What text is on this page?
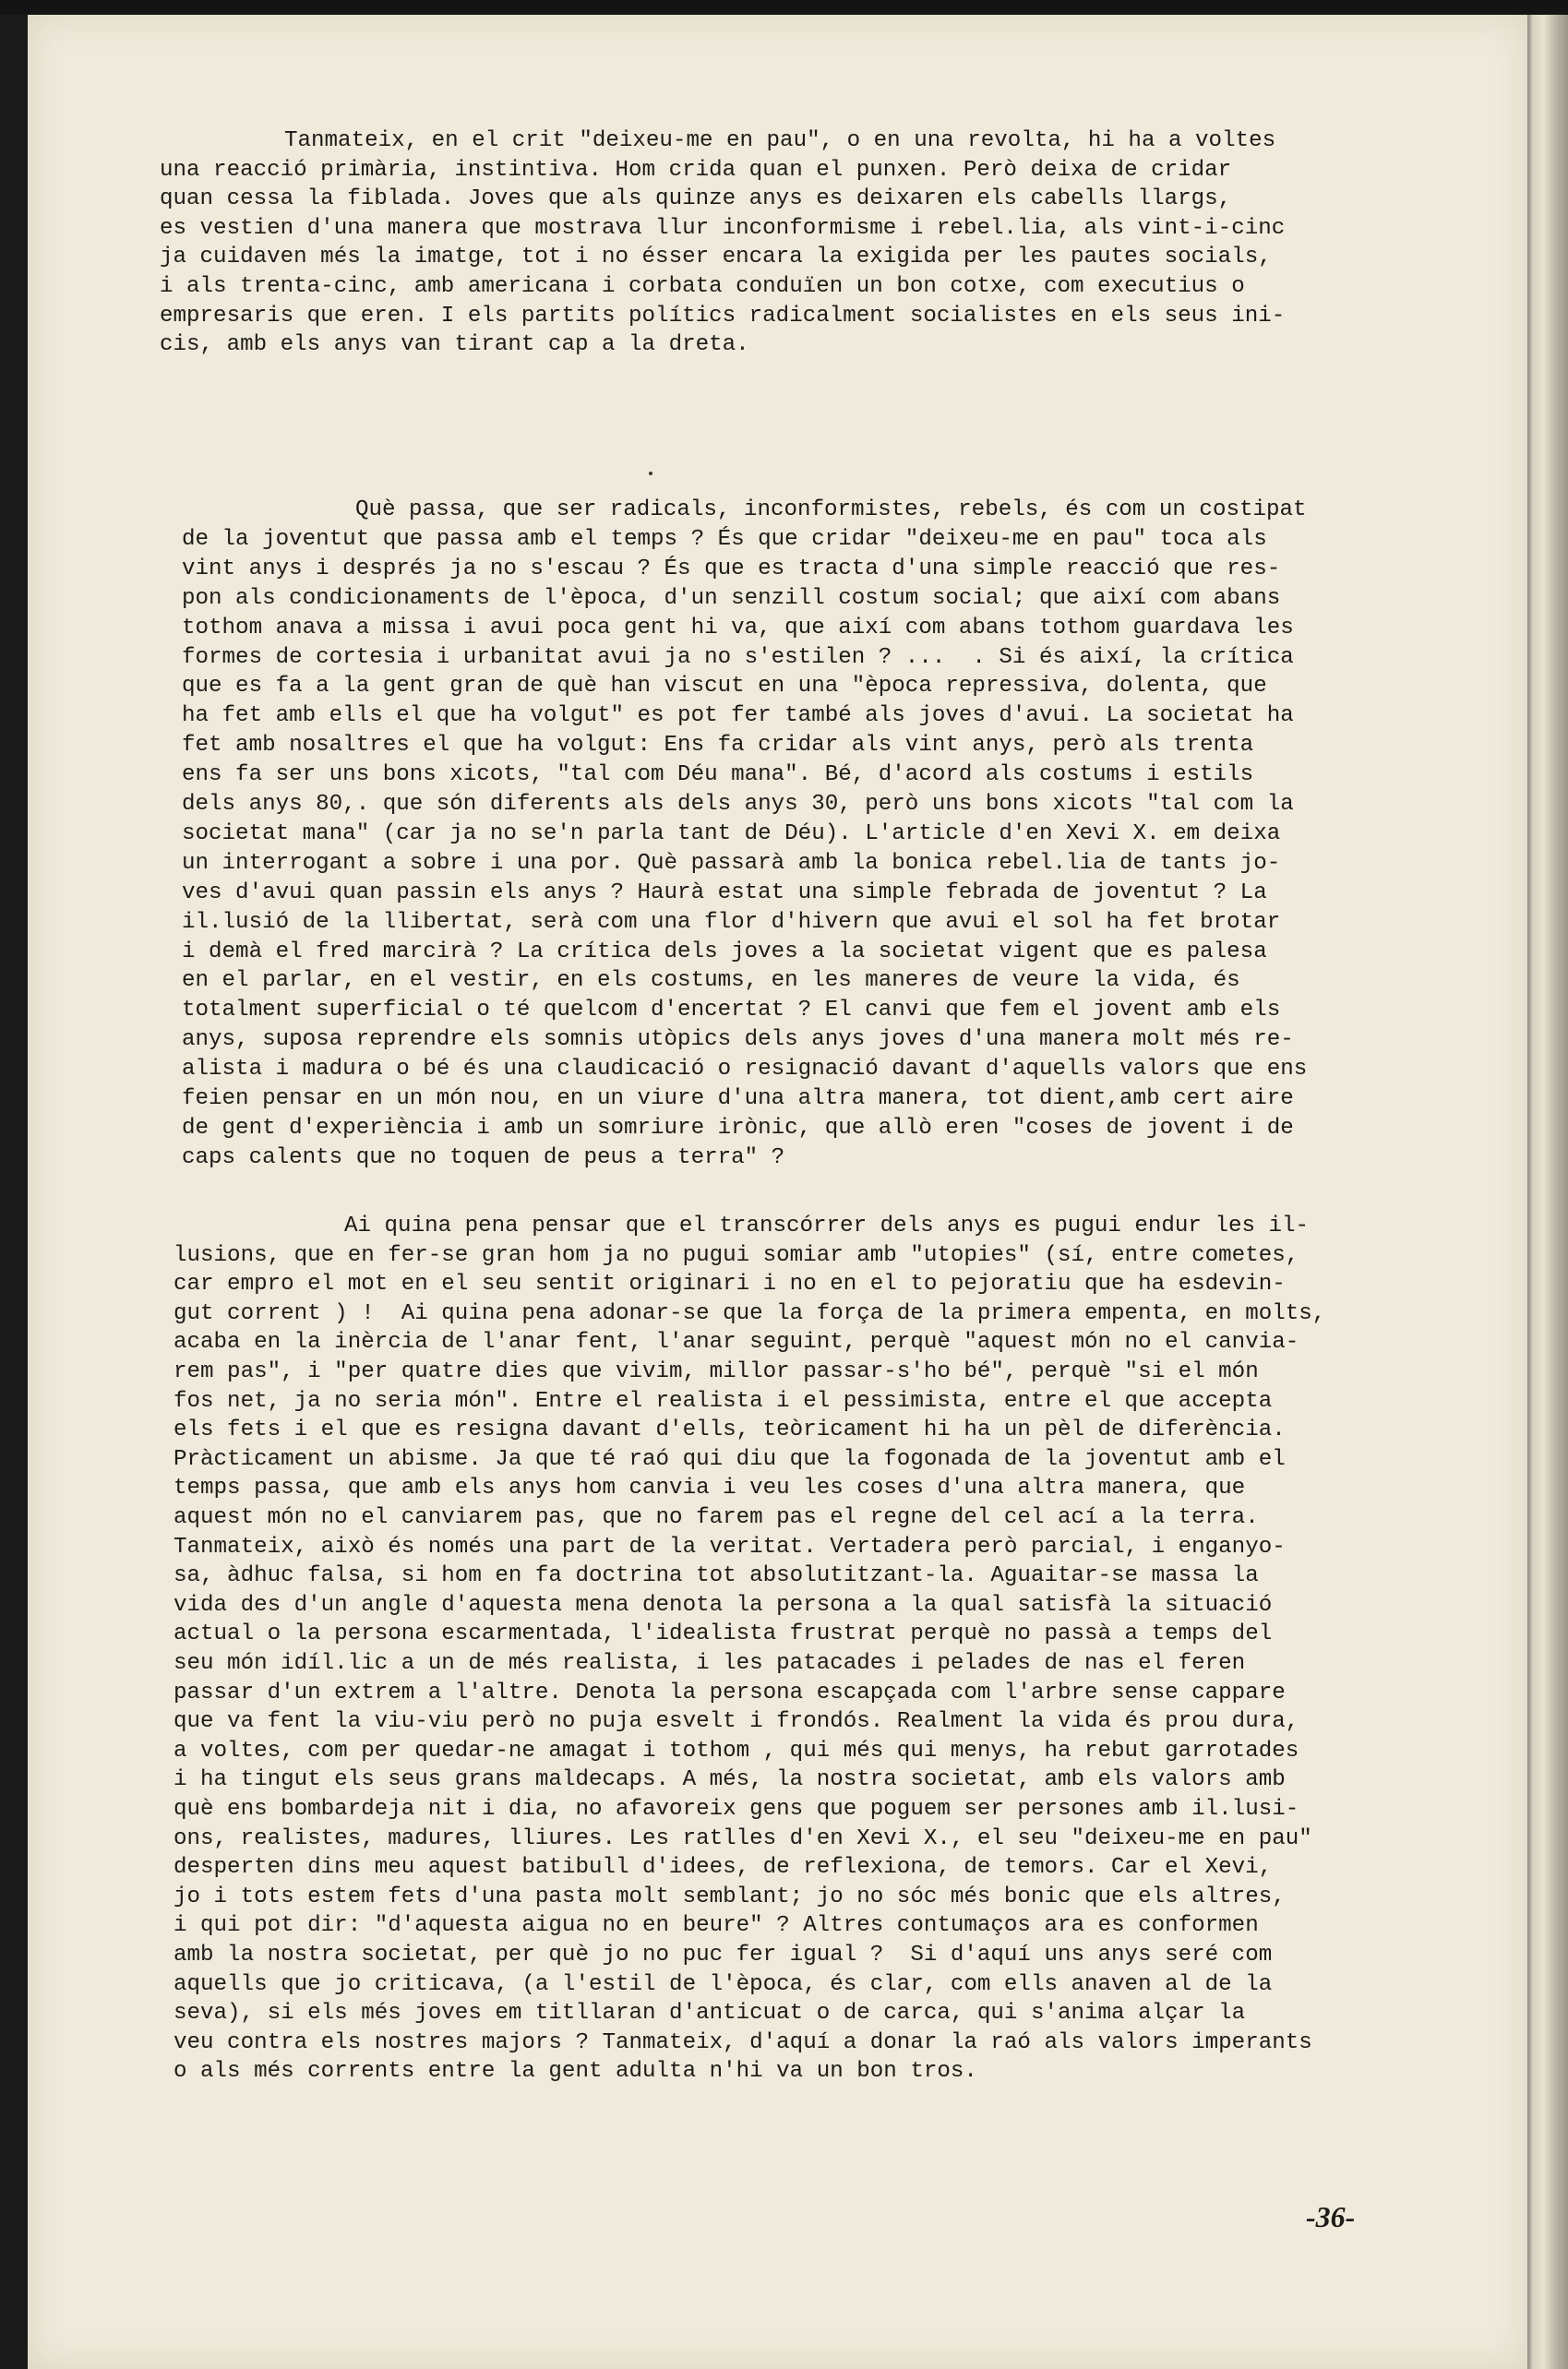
Tanmateix, en el crit "deixeu-me en pau", o en una revolta, hi ha a voltes
una reacció primària, instintiva. Hom crida quan el punxen. Però deixa de cridar
quan cessa la fiblada. Joves que als quinze anys es deixaren els cabells llargs,
es vestien d'una manera que mostrava llur inconformisme i rebel.lia, als vint-i-cinc
ja cuidaven més la imatge, tot i no ésser encara la exigida per les pautes socials,
i als trenta-cinc, amb americana i corbata conduïen un bon cotxe, com executius o
empresaris que eren. I els partits polítics radicalment socialistes en els seus ini-
cis, amb els anys van tirant cap a la dreta.
Què passa, que ser radicals, inconformistes, rebels, és com un costipat
de la joventut que passa amb el temps ? És que cridar "deixeu-me en pau" toca als
vint anys i després ja no s'escau ? És que es tracta d'una simple reacció que res-
pon als condicionaments de l'època, d'un senzill costum social; que així com abans
tothom anava a missa i avui poca gent hi va, que així com abans tothom guardava les
formes de cortesia i urbanitat avui ja no s'estilen ? ...  . Si és així, la crítica
que es fa a la gent gran de què han viscut en una "època repressiva, dolenta, que
ha fet amb ells el que ha volgut" es pot fer també als joves d'avui. La societat ha
fet amb nosaltres el que ha volgut: Ens fa cridar als vint anys, però als trenta
ens fa ser uns bons xicots, "tal com Déu mana". Bé, d'acord als costums i estils
dels anys 80,. que són diferents als dels anys 30, però uns bons xicots "tal com la
societat mana" (car ja no se'n parla tant de Déu). L'article d'en Xevi X. em deixa
un interrogant a sobre i una por. Què passarà amb la bonica rebel.lia de tants jo-
ves d'avui quan passin els anys ? Haurà estat una simple febrada de joventut ? La
il.lusió de la llibertat, serà com una flor d'hivern que avui el sol ha fet brotar
i demà el fred marcirà ? La crítica dels joves a la societat vigent que es palesa
en el parlar, en el vestir, en els costums, en les maneres de veure la vida, és
totalment superficial o té quelcom d'encertat ? El canvi que fem el jovent amb els
anys, suposa reprendre els somnis utòpics dels anys joves d'una manera molt més re-
alista i madura o bé és una claudicació o resignació davant d'aquells valors que ens
feien pensar en un món nou, en un viure d'una altra manera, tot dient,amb cert aire
de gent d'experiència i amb un somriure irònic, que allò eren "coses de jovent i de
caps calents que no toquen de peus a terra" ?
Ai quina pena pensar que el transcórrer dels anys es pugui endur les il-
lusions, que en fer-se gran hom ja no pugui somiar amb "utopies" (sí, entre cometes,
car empro el mot en el seu sentit originari i no en el to pejoratiu que ha esdevin-
gut corrent ) !  Ai quina pena adonar-se que la força de la primera empenta, en molts,
acaba en la inèrcia de l'anar fent, l'anar seguint, perquè "aquest món no el canvia-
rem pas", i "per quatre dies que vivim, millor passar-s'ho bé", perquè "si el món
fos net, ja no seria món". Entre el realista i el pessimista, entre el que accepta
els fets i el que es resigna davant d'ells, teòricament hi ha un pèl de diferència.
Pràcticament un abisme. Ja que té raó qui diu que la fogonada de la joventut amb el
temps passa, que amb els anys hom canvia i veu les coses d'una altra manera, que
aquest món no el canviarem pas, que no farem pas el regne del cel ací a la terra.
Tanmateix, això és només una part de la veritat. Vertadera però parcial, i enganyo-
sa, àdhuc falsa, si hom en fa doctrina tot absolutitzant-la. Aguaitar-se massa la
vida des d'un angle d'aquesta mena denota la persona a la qual satisfà la situació
actual o la persona escarmentada, l'idealista frustrat perquè no passà a temps del
seu món idíl.lic a un de més realista, i les patacades i pelades de nas el feren
passar d'un extrem a l'altre. Denota la persona escapçada com l'arbre sense cappare
que va fent la viu-viu però no puja esvelt i frondós. Realment la vida és prou dura,
a voltes, com per quedar-ne amagat i tothom , qui més qui menys, ha rebut garrotades
i ha tingut els seus grans maldecaps. A més, la nostra societat, amb els valors amb
què ens bombardeja nit i dia, no afavoreix gens que poguem ser persones amb il.lusi-
ons, realistes, madures, lliures. Les ratlles d'en Xevi X., el seu "deixeu-me en pau"
desperten dins meu aquest batibull d'idees, de reflexiona, de temors. Car el Xevi,
jo i tots estem fets d'una pasta molt semblant; jo no sóc més bonic que els altres,
i qui pot dir: "d'aquesta aigua no en beure" ? Altres contumaços ara es conformen
amb la nostra societat, per què jo no puc fer igual ?  Si d'aquí uns anys seré com
aquells que jo criticava, (a l'estil de l'època, és clar, com ells anaven al de la
seva), si els més joves em titllaran d'anticuat o de carca, qui s'anima alçar la
veu contra els nostres majors ? Tanmateix, d'aquí a donar la raó als valors imperants
o als més corrents entre la gent adulta n'hi va un bon tros.
-36-
